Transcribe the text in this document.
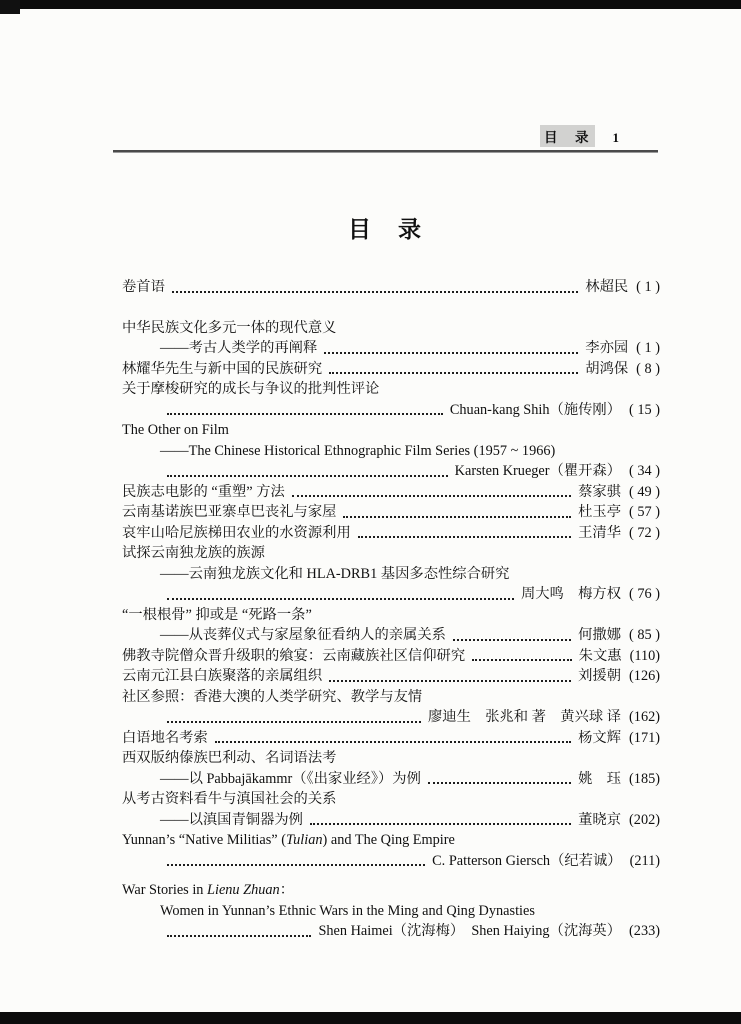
目　录	1
目　录
卷首语	林超民 ( 1 )
中华民族文化多元一体的现代意义
——考古人类学的再阐释	李亦园 ( 1 )
林耀华先生与新中国的民族研究	胡鸿保 ( 8 )
关于摩梭研究的成长与争议的批判性评论
Chuan-kang Shih（施传刚） ( 15 )
The Other on Film
——The Chinese Historical Ethnographic Film Series (1957 ~ 1966)
Karsten Krueger（瞿开森） ( 34 )
民族志电影的 “重塑” 方法	蔡家骐 ( 49 )
云南基诺族巴亚寨卓巴丧礼与家屋	杜玉亭 ( 57 )
哀牢山哈尼族梯田农业的水资源利用	王清华 ( 72 )
试探云南独龙族的族源
——云南独龙族文化和 HLA-DRB1 基因多态性综合研究
周大鸣　梅方权 ( 76 )
“一根根骨” 抑或是 “死路一条”
——从丧葬仪式与家屋象征看纳人的亲属关系	何撒娜 ( 85 )
佛教寺院僧众晋升级职的飨宴：云南藏族社区信仰研究	朱文惠 (110)
云南元江县白族聚落的亲属组织	刘援朝 (126)
社区参照：香港大澳的人类学研究、教学与友情
廖迪生　张兆和 著　黄兴球 译 (162)
白语地名考索	杨文辉 (171)
西双版纳傣族巴利动、名词语法考
——以 Pabbajākammr（《出家业经》）为例	姚　珏 (185)
从考古资料看牛与滇国社会的关系
——以滇国青铜器为例	董晓京 (202)
Yunnan’s “Native Militias” (Tulian) and The Qing Empire
C. Patterson Giersch（纪若诚） (211)
War Stories in Lienu Zhuan：
Women in Yunnan’s Ethnic Wars in the Ming and Qing Dynasties
Shen Haimei（沈海梅）　Shen Haiying（沈海英） (233)
